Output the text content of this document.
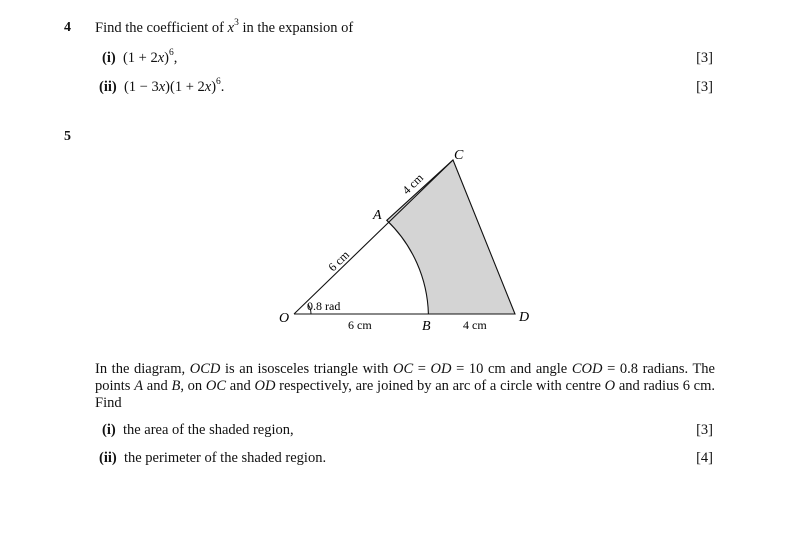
4 Find the coefficient of $x^3$ in the expansion of
(i) $(1 + 2x)^6$,	[3]
(ii) $(1 - 3x)(1 + 2x)^6$.	[3]
5
O
A
B
C
D
0.8 rad
6 cm	4 cm
6 cm
4 cm
In the diagram, OCD is an isosceles triangle with OC = OD = 10 cm and angle COD = 0.8 radians. The points A and B, on OC and OD respectively, are joined by an arc of a circle with centre O and radius 6 cm. Find
(i) the area of the shaded region,	[3]
(ii) the perimeter of the shaded region.	[4]
